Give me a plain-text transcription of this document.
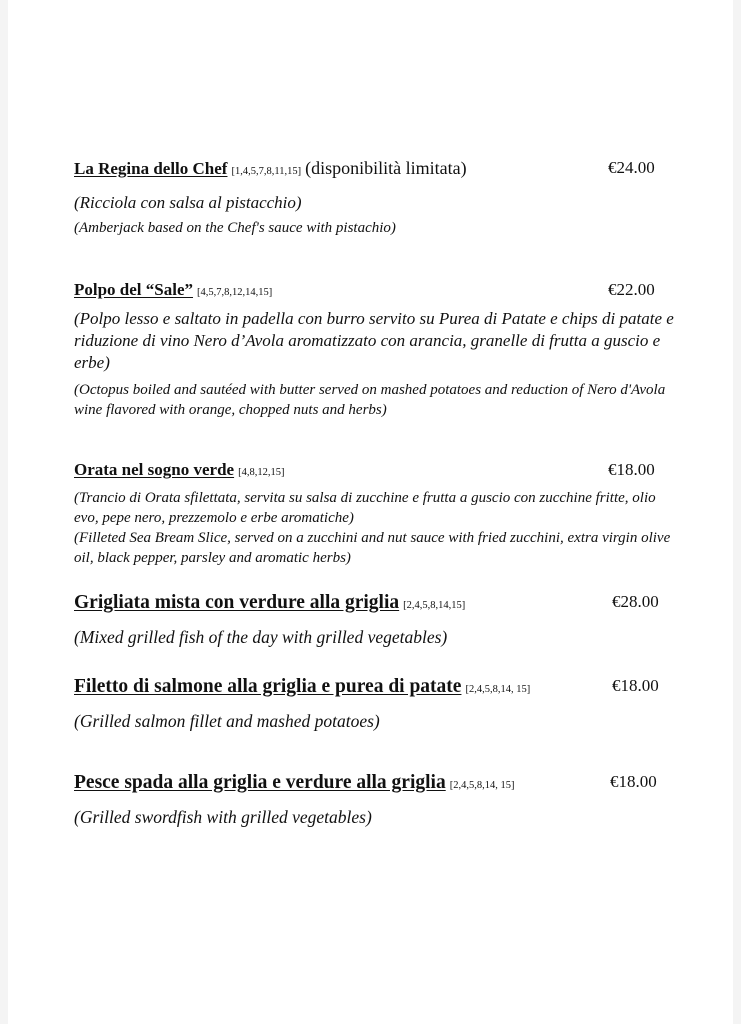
La Regina dello Chef [1,4,5,7,8,11,15] (disponibilità limitata)	€24.00
(Ricciola con salsa al pistacchio)
(Amberjack based on the Chef's sauce with pistachio)
Polpo del “Sale” [4,5,7,8,12,14,15]	€22.00
(Polpo lesso e saltato in padella con burro servito su Purea di Patate e chips di patate e riduzione di vino Nero d’Avola aromatizzato con arancia, granelle di frutta a guscio e erbe)
(Octopus boiled and sautéed with butter served on mashed potatoes and reduction of Nero d'Avola wine flavored with orange, chopped nuts and herbs)
Orata nel sogno verde [4,8,12,15]	€18.00
(Trancio di Orata sfilettata, servita su salsa di zucchine e frutta a guscio con zucchine fritte, olio evo, pepe nero, prezzemolo e erbe aromatiche)
(Filleted Sea Bream Slice, served on a zucchini and nut sauce with fried zucchini, extra virgin olive oil, black pepper, parsley and aromatic herbs)
Grigliata mista con verdure alla griglia [2,4,5,8,14,15]	€28.00
(Mixed grilled fish of the day with grilled vegetables)
Filetto di salmone alla griglia e purea di patate [2,4,5,8,14, 15]	€18.00
(Grilled salmon fillet and mashed potatoes)
Pesce spada alla griglia e verdure alla griglia [2,4,5,8,14, 15]	€18.00
(Grilled swordfish with grilled vegetables)
